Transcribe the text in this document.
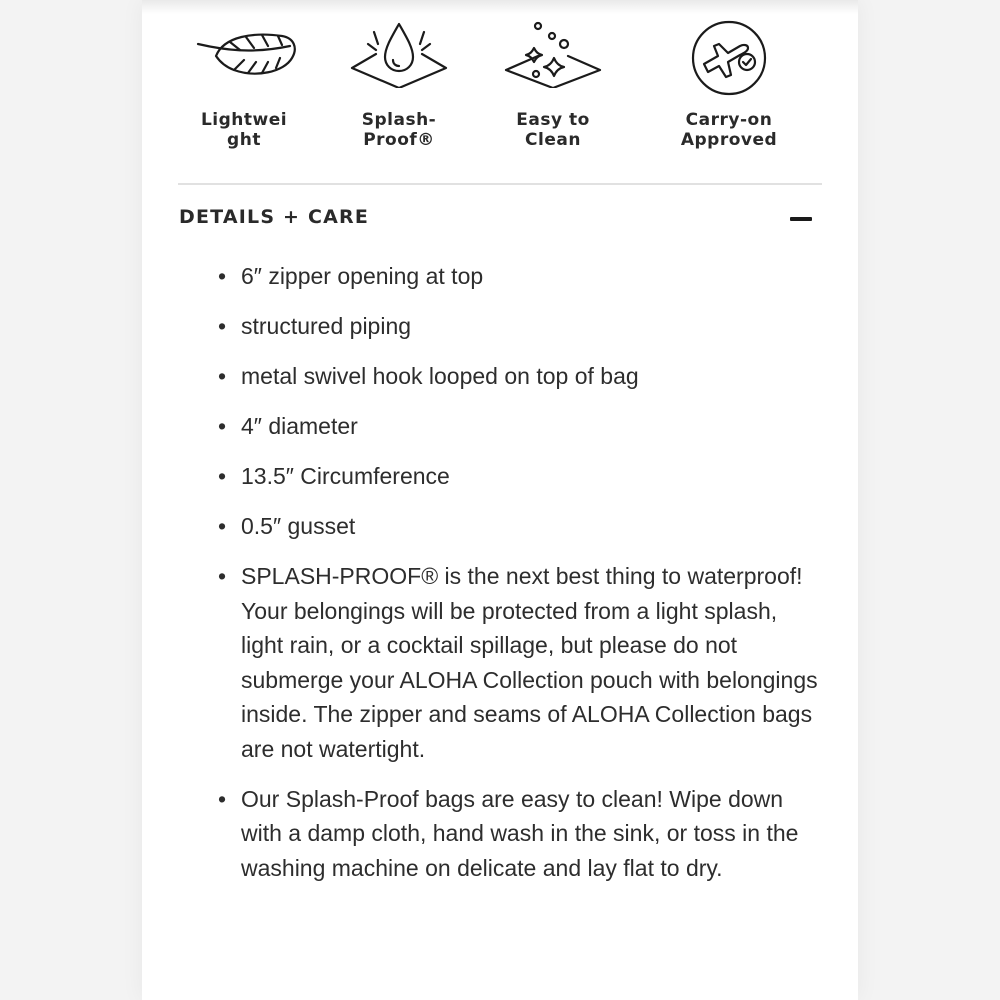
Lightweight
Splash-
Proof®
Easy to
Clean
Carry-on
Approved
DETAILS + CARE
• 6″ zipper opening at top
• structured piping
• metal swivel hook looped on top of bag
• 4″ diameter
• 13.5″ Circumference
• 0.5″ gusset
• SPLASH-PROOF® is the next best thing to waterproof! Your belongings will be protected from a light splash, light rain, or a cocktail spillage, but please do not submerge your ALOHA Collection pouch with belongings inside. The zipper and seams of ALOHA Collection bags are not watertight.
• Our Splash-Proof bags are easy to clean! Wipe down with a damp cloth, hand wash in the sink, or toss in the washing machine on delicate and lay flat to dry.
